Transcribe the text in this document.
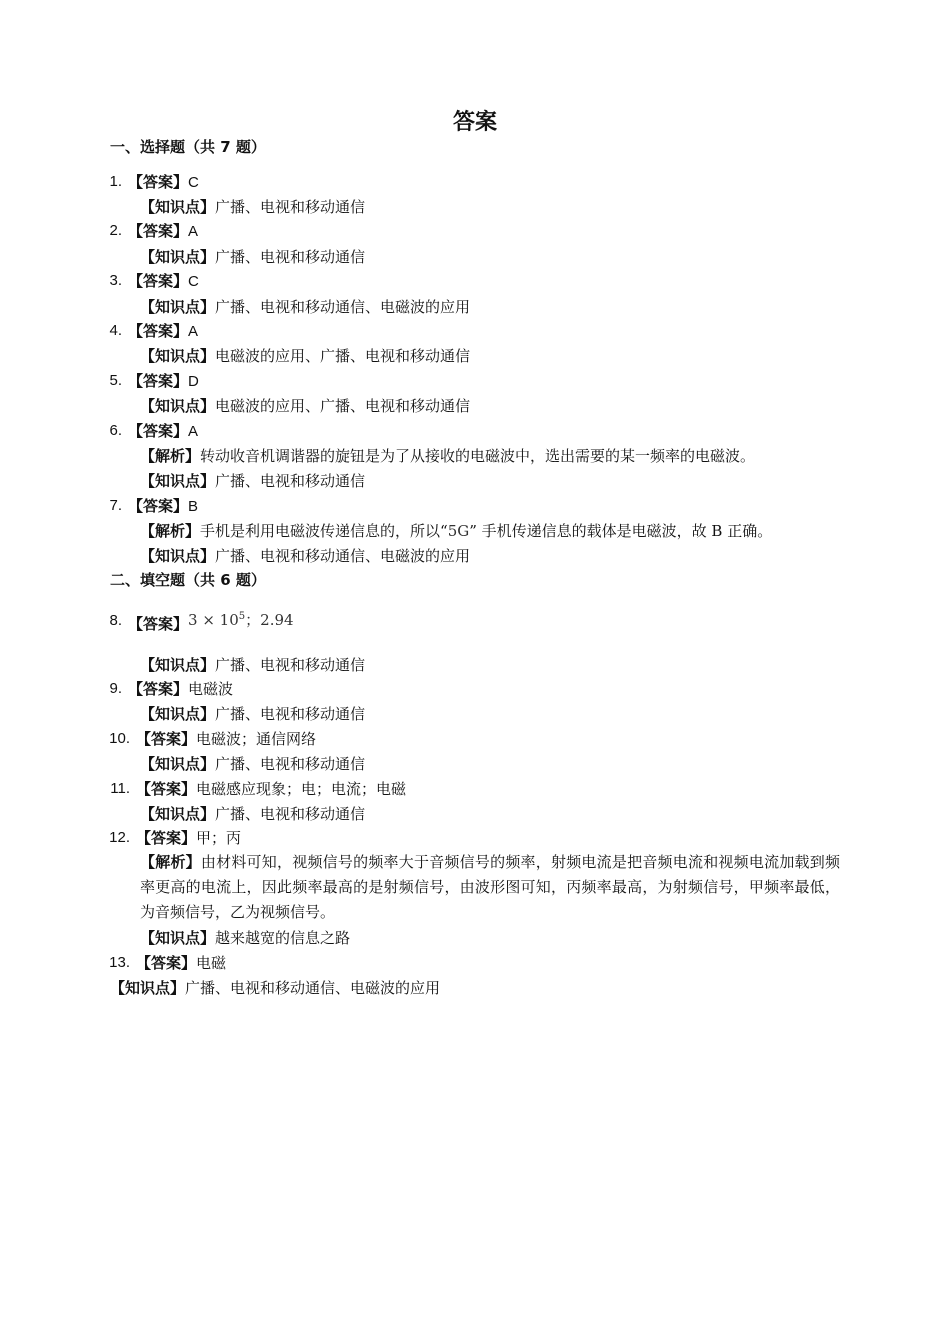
答案
一、选择题（共 7 题）
1. 【答案】C
【知识点】广播、电视和移动通信
2. 【答案】A
【知识点】广播、电视和移动通信
3. 【答案】C
【知识点】广播、电视和移动通信、电磁波的应用
4. 【答案】A
【知识点】电磁波的应用、广播、电视和移动通信
5. 【答案】D
【知识点】电磁波的应用、广播、电视和移动通信
6. 【答案】A
【解析】转动收音机调谐器的旋钮是为了从接收的电磁波中，选出需要的某一频率的电磁波。
【知识点】广播、电视和移动通信
7. 【答案】B
【解析】手机是利用电磁波传递信息的，所以“5G” 手机传递信息的载体是电磁波，故 B 正确。
【知识点】广播、电视和移动通信、电磁波的应用
二、填空题（共 6 题）
8. 【答案】$3 \times 10^5$；2.94
【知识点】广播、电视和移动通信
9. 【答案】电磁波
【知识点】广播、电视和移动通信
10. 【答案】电磁波；通信网络
【知识点】广播、电视和移动通信
11. 【答案】电磁感应现象；电；电流；电磁
【知识点】广播、电视和移动通信
12. 【答案】甲；丙
【解析】由材料可知，视频信号的频率大于音频信号的频率，射频电流是把音频电流和视频电流加载到频率更高的电流上，因此频率最高的是射频信号，由波形图可知，丙频率最高，为射频信号，甲频率最低，为音频信号，乙为视频信号。
【知识点】越来越宽的信息之路
13. 【答案】电磁
【知识点】广播、电视和移动通信、电磁波的应用
